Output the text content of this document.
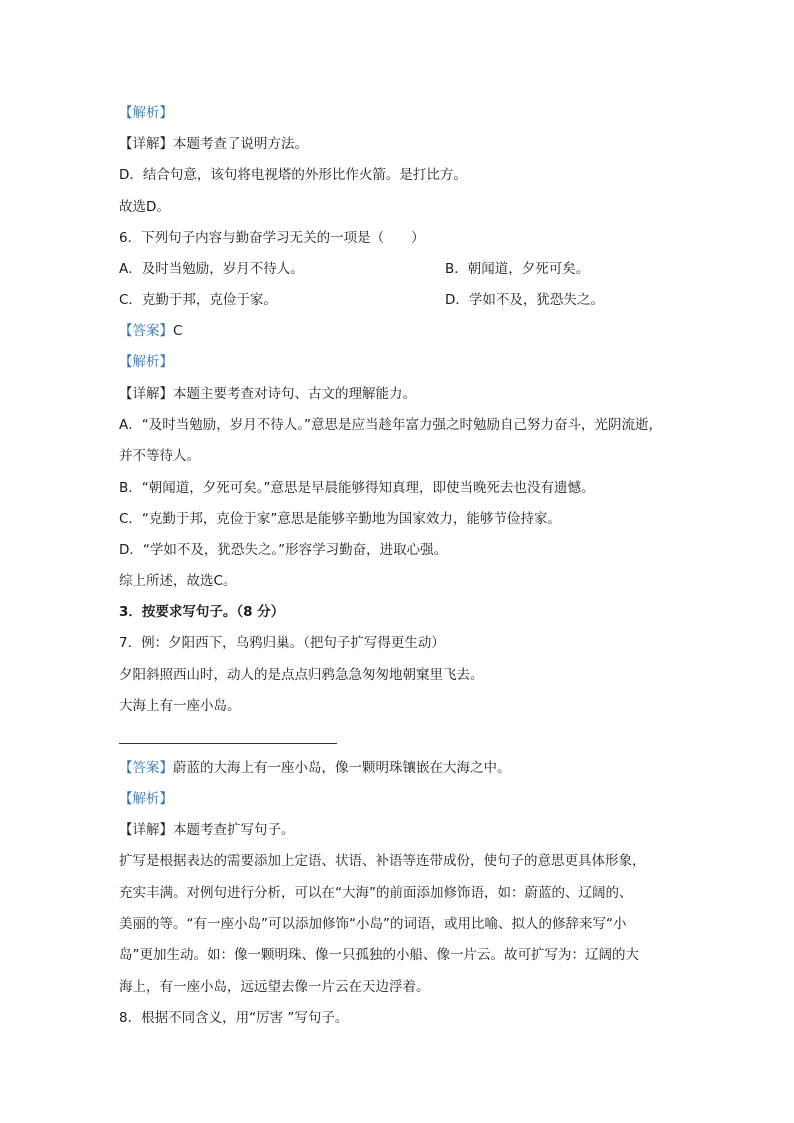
【解析】
【详解】本题考查了说明方法。
D．结合句意，该句将电视塔的外形比作火箭。是打比方。
故选D。
6．下列句子内容与勤奋学习无关的一项是（　　）
A．及时当勉励，岁月不待人。	B．朝闻道，夕死可矣。
C．克勤于邦，克俭于家。	D．学如不及，犹恐失之。
【答案】C
【解析】
【详解】本题主要考查对诗句、古文的理解能力。
A．“及时当勉励，岁月不待人。”意思是应当趁年富力强之时勉励自己努力奋斗，光阴流逝，
并不等待人。
B．“朝闻道，夕死可矣。”意思是早晨能够得知真理，即使当晚死去也没有遗憾。
C．“克勤于邦，克俭于家”意思是能够辛勤地为国家效力，能够节俭持家。
D．“学如不及，犹恐失之。”形容学习勤奋，进取心强。
综上所述，故选C。
3．按要求写句子。（8 分）
7．例：夕阳西下，乌鸦归巢。（把句子扩写得更生动）
夕阳斜照西山时，动人的是点点归鸦急急匆匆地朝窠里飞去。
大海上有一座小岛。
【答案】蔚蓝的大海上有一座小岛，像一颗明珠镶嵌在大海之中。
【解析】
【详解】本题考查扩写句子。
扩写是根据表达的需要添加上定语、状语、补语等连带成份，使句子的意思更具体形象，
充实丰满。对例句进行分析，可以在“大海”的前面添加修饰语，如：蔚蓝的、辽阔的、
美丽的等。“有一座小岛”可以添加修饰“小岛”的词语，或用比喻、拟人的修辞来写“小
岛”更加生动。如：像一颗明珠、像一只孤独的小船、像一片云。故可扩写为：辽阔的大
海上，有一座小岛，远远望去像一片云在天边浮着。
8．根据不同含义，用“厉害 ”写句子。
